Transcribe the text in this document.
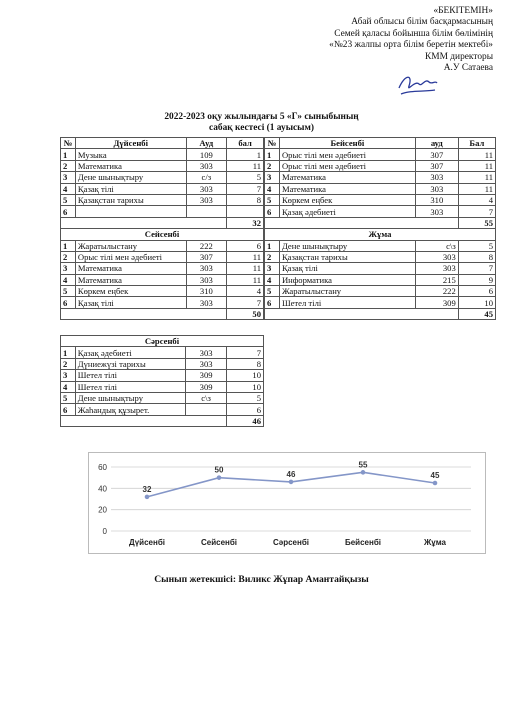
«БЕКІТЕМІН»
Абай облысы білім басқармасының
Семей қаласы бойынша білім бөлімінің
«№23 жалпы орта білім беретін мектебі»
КММ директоры
А.У Сатаева
2022-2023 оқу жылындағы 5 «Г» сыныбының
сабақ кестесі (1 ауысым)
№	Дүйсенбі	Ауд	бал
1	Музыка	109	1
2	Математика	303	11
3	Дене шынықтыру	с/з	5
4	Қазақ тілі	303	7
5	Қазақстан тарихы	303	8
6			
			32
Сейсенбі			
1	Жаратылыстану	222	6
2	Орыс тілі мен әдебиеті	307	11
3	Математика	303	11
4	Математика	303	11
5	Көркем еңбек	310	4
6	Қазақ тілі	303	7
			50
№	Бейсенбі	ауд	Бал
1	Орыс тілі мен әдебиеті	307	11
2	Орыс тілі мен әдебиеті	307	11
3	Математика	303	11
4	Математика	303	11
5	Көркем еңбек	310	4
6	Қазақ әдебиеті	303	7
			55
Жұма			
1	Дене шынықтыру	с\з	5
2	Қазақстан тарихы	303	8
3	Қазақ тілі	303	7
4	Информатика	215	9
5	Жаратылыстану	222	6
6	Шетел тілі	309	10
			45
Сәрсенбі			
1	Қазақ әдебиеті	303	7
2	Дүниежүзі тарихы	303	8
3	Шетел тілі	309	10
4	Шетел тілі	309	10
5	Дене шынықтыру	с\з	5
6	Жаһандық құзырет.		6
			46
0
20
40
60
32
50	46
55
45
Дүйсенбі	Сейсенбі	Сәрсенбі	Бейсенбі	Жұма
Сынып жетекшісі: Виликс Жұпар Амантайқызы
